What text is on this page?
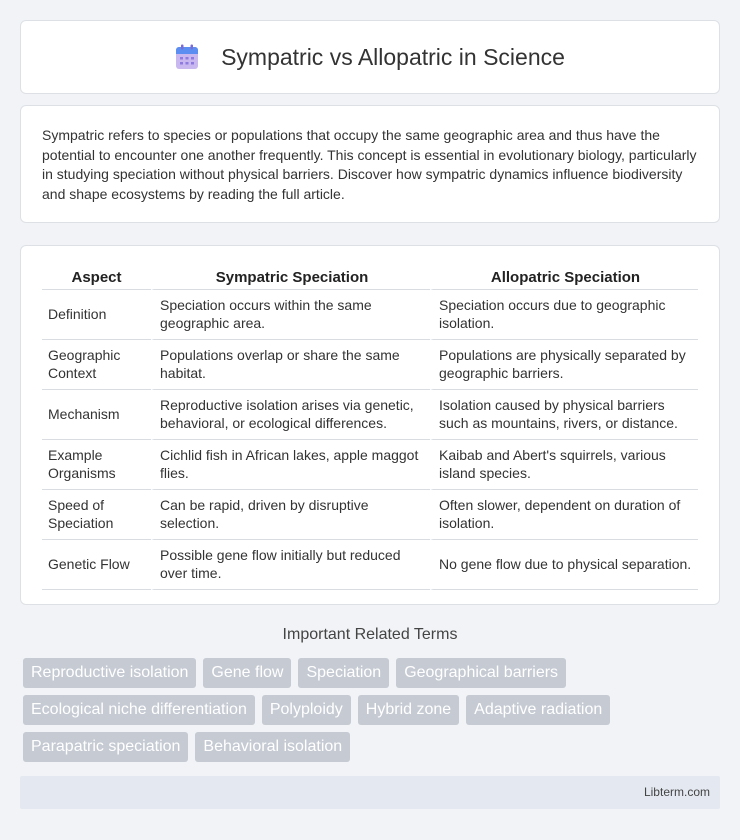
Sympatric vs Allopatric in Science

Sympatric refers to species or populations that occupy the same geographic area and thus have the potential to encounter one another frequently. This concept is essential in evolutionary biology, particularly in studying speciation without physical barriers. Discover how sympatric dynamics influence biodiversity and shape ecosystems by reading the full article.

Aspect	Sympatric Speciation	Allopatric Speciation
Definition	Speciation occurs within the same geographic area.	Speciation occurs due to geographic isolation.
Geographic Context	Populations overlap or share the same habitat.	Populations are physically separated by geographic barriers.
Mechanism	Reproductive isolation arises via genetic, behavioral, or ecological differences.	Isolation caused by physical barriers such as mountains, rivers, or distance.
Example Organisms	Cichlid fish in African lakes, apple maggot flies.	Kaibab and Abert's squirrels, various island species.
Speed of Speciation	Can be rapid, driven by disruptive selection.	Often slower, dependent on duration of isolation.
Genetic Flow	Possible gene flow initially but reduced over time.	No gene flow due to physical separation.
Important Related Terms
Reproductive isolation	Gene flow	Speciation	Geographical barriers
Ecological niche differentiation	Polyploidy	Hybrid zone	Adaptive radiation
Parapatric speciation	Behavioral isolation
Libterm.com
